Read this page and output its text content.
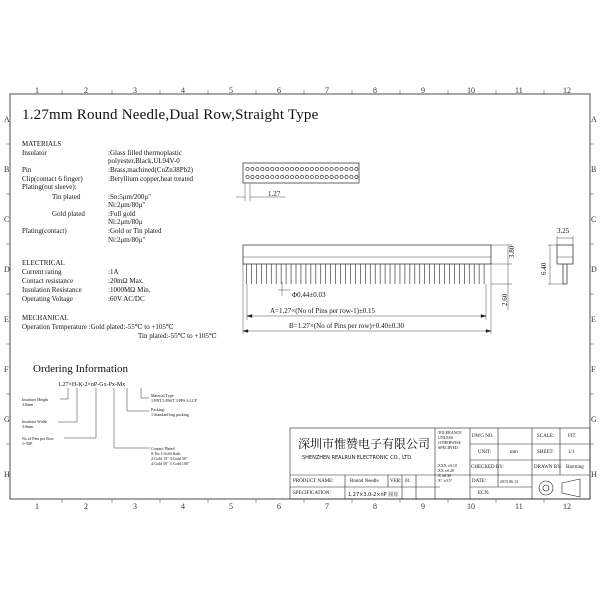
1	2	3	4	5	6	7	8	9	10	11	12
1	2	3	4	5	6	7	8	9	10	11	12
A
B
C
D
E
F
G
H
A
B
C
D
E
F
G
H
1.27mm Round Needle,Dual Row,Straight Type
MATERIALS
Insulator	:Glass filled thermoplastic
polyester,Black,UL94V-0
Pin	:Brass,machined(CuZn38Pb2)
Clip(contact 6 finger)	:Beryllium copper,heat treated
Plating(out sleeve):
Tin plated	:Sn:5μm/200μ"
Ni:2μm/80μ"
Gold plated	:Full gold
Ni:2μm/80μ
Plating(contact)	:Gold or Tin plated
Ni:2μm/80μ"
ELECTRICAL
Current rating	:1A
Contact resistance	:20mΩ Max.
Insulation Resistance	:1000MΩ Min.
Operating Voltage	:60V AC/DC
MECHANICAL
Operation Temperature :Gold plated:-55℃ to +105℃
Tin plated:-55℃ to +105℃
Ordering Information
1.27×H-K-2×nP-Gx-Px-Mx
Material Type:
1:PBT 2:PA6T 3:PPS 4:LCP
Packing:
1:Standard bag packing
Insulator Height
3.0mm
Insulator Width
3.0mm
No.of Pins per Row
1~50P
Contact Plated
0:Tin 1:Gold flash
2:Gold 15" 3:Gold 30"
4:Gold 50" 5:Gold 100"
1.27
Φ0.44±0.03
3.80
2.60
6.40
3.25
A=1.27×(No of Pins per row-1)±0.15
B=1.27×(No of Pins per row)+0.40±0.30
深圳市惟赞电子有限公司
SHENZHEN REALRUN ELECTRONIC CO., LTD.
TOLERANCE
UNLESS
OTHERWISE
SPECIFIED
.XXX ±0.10
.XX ±0.20
.X ±0.30
.X° ±0.5°
DWG NO.	SCALE:	FIT
UNIT:	mm	SHEET:	1/1
CHECKED BY:	DRAWN BY: Barrning
PRODUCT NAME:	Round Needle VER: 01	DATE:	2015.06.13
SPECIFICATION:	1.27×3.0-2×nP 圆母	ECN:
